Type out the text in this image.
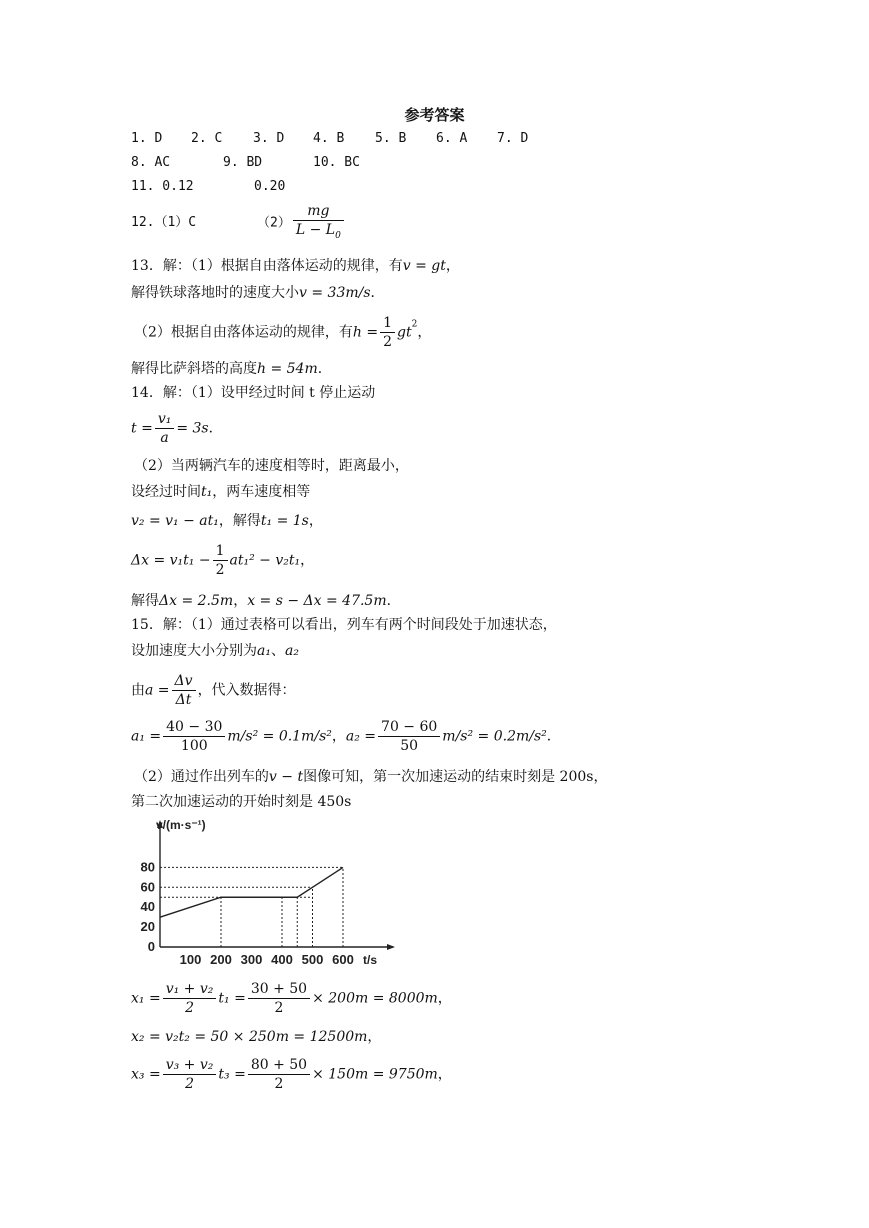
参考答案
1. D 2. C 3. D 4. B 5. B 6. A 7. D
8. AC	9. BD	10. BC
11. 0.12	0.20
12.（1）C	$(2) \frac{mg}{L - L_0}$
13．解：（1）根据自由落体运动的规律，有v = gt，
解得铁球落地时的速度大小v = 33m/s．
（2）根据自由落体运动的规律，有$h = \frac{1}{2} gt^2$，
解得比萨斜塔的高度h = 54m．
14．解：（1）设甲经过时间 t 停止运动
$t = \frac{\text{v₁}}{a} = 3s$．
（2）当两辆汽车的速度相等时，距离最小，
设经过时间t₁，两车速度相等
v₂ = v₁ − at₁，解得t₁ = 1s，
$\Delta x = v_1t_1 - \frac{1}{2} at_1^2 - v_2t_1$，
解得Δx = 2.5m，x = s − Δx = 47.5m．
15．解：（1）通过表格可以看出，列车有两个时间段处于加速状态，
设加速度大小分别为a₁、a₂
由$a = \frac{\Delta v}{\Delta t}$ ，代入数据得：
$a_1 = \frac{40 - 30}{100} m/s^2 = 0.1m/s^2$，$a_2 = \frac{70 - 60}{50} m/s^2 = 0.2m/s^2$．
（2）通过作出列车的v − t图像可知，第一次加速运动的结束时刻是 200s，
第二次加速运动的开始时刻是 450s
0
20
40
60
80
100 200 300 400 500 600
v/(m·s⁻¹)
t/s
$x_1 = \frac{\text{v₁ + v₂}}{2} t_1 = \frac{30 + 50}{2} \times 200m = 8000m$，
x₂ = v₂t₂ = 50 × 250m = 12500m，
$x_3 = \frac{\text{v₃ + v₂}}{2} t_3 = \frac{80 + 50}{2} \times 150m = 9750m$，
